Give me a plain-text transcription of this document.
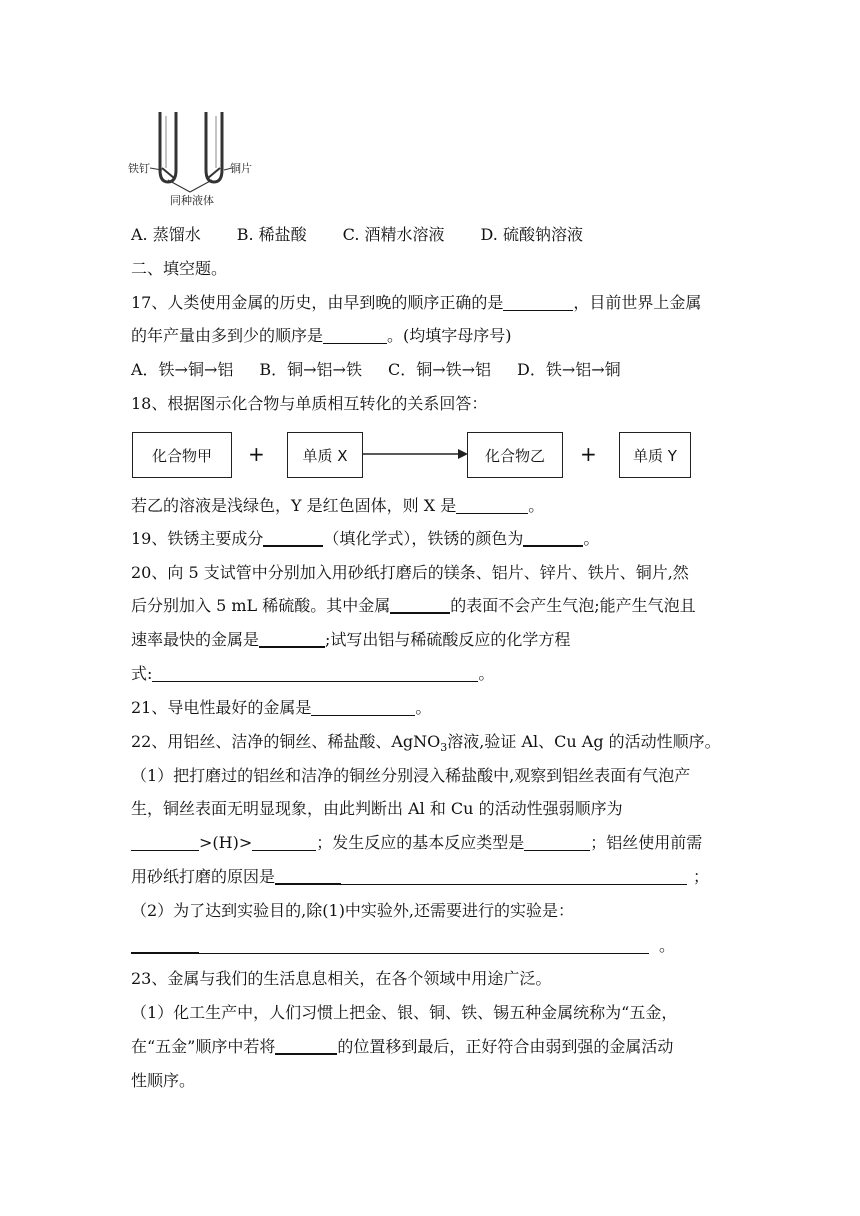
铁钉	铜片
同种液体
A. 蒸馏水 B. 稀盐酸 C. 酒精水溶液 D. 硫酸钠溶液
二、填空题。
17、人类使用金属的历史，由早到晚的顺序正确的是	，目前世界上金属
的年产量由多到少的顺序是	。(均填字母序号)
A．铁→铜→铝 B．铜→铝→铁 C．铜→铁→铝 D．铁→铝→铜
18、根据图示化合物与单质相互转化的关系回答：
化合物甲	+	单质 X	化合物乙	+	单质 Y
若乙的溶液是浅绿色，Y 是红色固体，则 X 是	。
19、铁锈主要成分	（填化学式），铁锈的颜色为	。
20、向 5 支试管中分别加入用砂纸打磨后的镁条、铝片、锌片、铁片、铜片,然
后分别加入 5 mL 稀硫酸。其中金属	的表面不会产生气泡;能产生气泡且
速率最快的金属是	;试写出铝与稀硫酸反应的化学方程
式:	。
21、导电性最好的金属是	。
22、用铝丝、洁净的铜丝、稀盐酸、AgNO$_3$溶液,验证 Al、Cu Ag 的活动性顺序。
（1）把打磨过的铝丝和洁净的铜丝分别浸入稀盐酸中,观察到铝丝表面有气泡产
生，铜丝表面无明显现象，由此判断出 Al 和 Cu 的活动性强弱顺序为
>(H)>	；发生反应的基本反应类型是	；铝丝使用前需
用砂纸打磨的原因是	；
（2）为了达到实验目的,除(1)中实验外,还需要进行的实验是：
。
23、金属与我们的生活息息相关，在各个领域中用途广泛。
（1）化工生产中，人们习惯上把金、银、铜、铁、锡五种金属统称为“五金，
在“五金”顺序中若将	的位置移到最后，正好符合由弱到强的金属活动
性顺序。
